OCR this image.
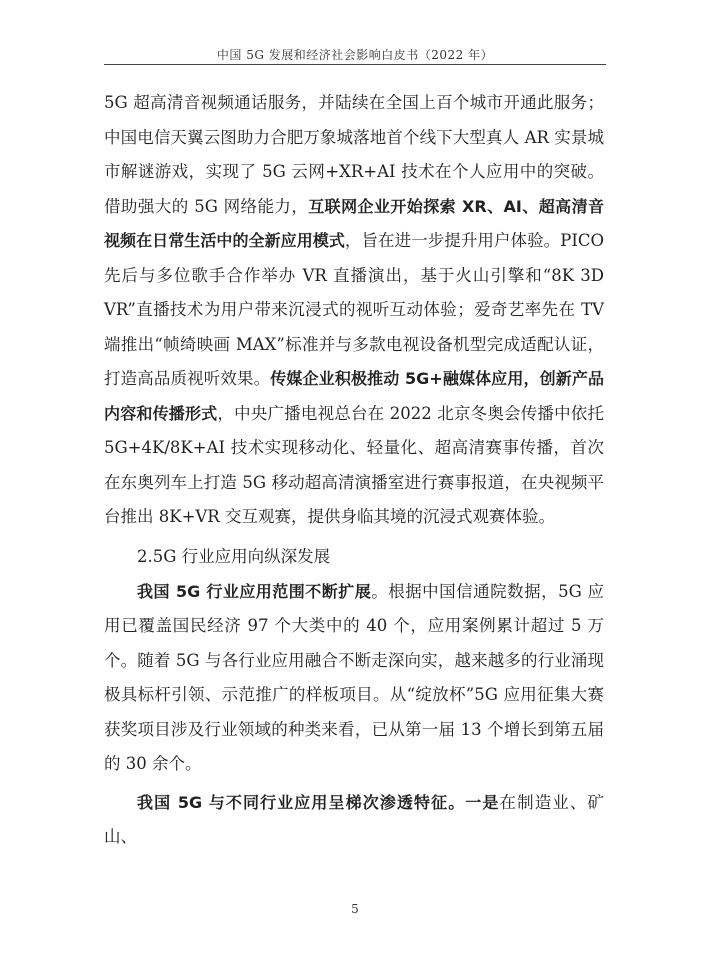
中国 5G 发展和经济社会影响白皮书（2022 年）

5G 超高清音视频通话服务，并陆续在全国上百个城市开通此服务；中国电信天翼云图助力合肥万象城落地首个线下大型真人 AR 实景城市解谜游戏，实现了 5G 云网+XR+AI 技术在个人应用中的突破。借助强大的 5G 网络能力，互联网企业开始探索 XR、AI、超高清音视频在日常生活中的全新应用模式，旨在进一步提升用户体验。PICO 先后与多位歌手合作举办 VR 直播演出，基于火山引擎和“8K 3D VR”直播技术为用户带来沉浸式的视听互动体验；爱奇艺率先在 TV 端推出“帧绮映画 MAX”标准并与多款电视设备机型完成适配认证，打造高品质视听效果。传媒企业积极推动 5G+融媒体应用，创新产品内容和传播形式，中央广播电视总台在 2022 北京冬奥会传播中依托 5G+4K/8K+AI 技术实现移动化、轻量化、超高清赛事传播，首次在东奥列车上打造 5G 移动超高清演播室进行赛事报道，在央视频平台推出 8K+VR 交互观赛，提供身临其境的沉浸式观赛体验。

2.5G 行业应用向纵深发展

我国 5G 行业应用范围不断扩展。根据中国信通院数据，5G 应用已覆盖国民经济 97 个大类中的 40 个，应用案例累计超过 5 万个。随着 5G 与各行业应用融合不断走深向实，越来越多的行业涌现极具标杆引领、示范推广的样板项目。从“绽放杯”5G 应用征集大赛获奖项目涉及行业领域的种类来看，已从第一届 13 个增长到第五届的 30 余个。

我国 5G 与不同行业应用呈梯次渗透特征。一是在制造业、矿山、

5
